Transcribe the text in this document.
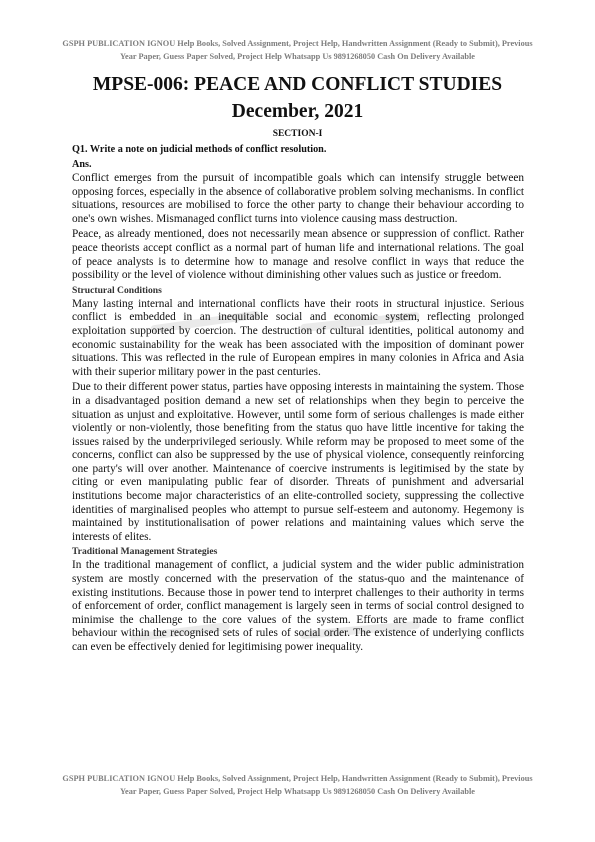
GSPH PUBLICATION IGNOU Help Books, Solved Assignment, Project Help, Handwritten Assignment (Ready to Submit), Previous Year Paper, Guess Paper Solved, Project Help Whatsapp Us 9891268050 Cash On Delivery Available
MPSE-006: PEACE AND CONFLICT STUDIES
December, 2021
SECTION-I

Q1. Write a note on judicial methods of conflict resolution.

Ans.

Conflict emerges from the pursuit of incompatible goals which can intensify struggle between opposing forces, especially in the absence of collaborative problem solving mechanisms. In conflict situations, resources are mobilised to force the other party to change their behaviour according to one's own wishes. Mismanaged conflict turns into violence causing mass destruction.

Peace, as already mentioned, does not necessarily mean absence or suppression of conflict. Rather peace theorists accept conflict as a normal part of human life and international relations. The goal of peace analysts is to determine how to manage and resolve conflict in ways that reduce the possibility or the level of violence without diminishing other values such as justice or freedom.

Structural Conditions

Many lasting internal and international conflicts have their roots in structural injustice. Serious conflict is embedded in an inequitable social and economic system, reflecting prolonged exploitation supported by coercion. The destruction of cultural identities, political autonomy and economic sustainability for the weak has been associated with the imposition of dominant power situations. This was reflected in the rule of European empires in many colonies in Africa and Asia with their superior military power in the past centuries.

Due to their different power status, parties have opposing interests in maintaining the system. Those in a disadvantaged position demand a new set of relationships when they begin to perceive the situation as unjust and exploitative. However, until some form of serious challenges is made either violently or non-violently, those benefiting from the status quo have little incentive for taking the issues raised by the underprivileged seriously. While reform may be proposed to meet some of the concerns, conflict can also be suppressed by the use of physical violence, consequently reinforcing one party's will over another. Maintenance of coercive instruments is legitimised by the state by citing or even manipulating public fear of disorder. Threats of punishment and adversarial institutions become major characteristics of an elite-controlled society, suppressing the collective identities of marginalised peoples who attempt to pursue self-esteem and autonomy. Hegemony is maintained by institutionalisation of power relations and maintaining values which serve the interests of elites.

Traditional Management Strategies

In the traditional management of conflict, a judicial system and the wider public administration system are mostly concerned with the preservation of the status-quo and the maintenance of existing institutions. Because those in power tend to interpret challenges to their authority in terms of enforcement of order, conflict management is largely seen in terms of social control designed to minimise the challenge to the core values of the system. Efforts are made to frame conflict behaviour within the recognised sets of rules of social order. The existence of underlying conflicts can even be effectively denied for legitimising power inequality.

GSPH PUBLICATION IGNOU Help Books, Solved Assignment, Project Help, Handwritten Assignment (Ready to Submit), Previous Year Paper, Guess Paper Solved, Project Help Whatsapp Us 9891268050 Cash On Delivery Available
